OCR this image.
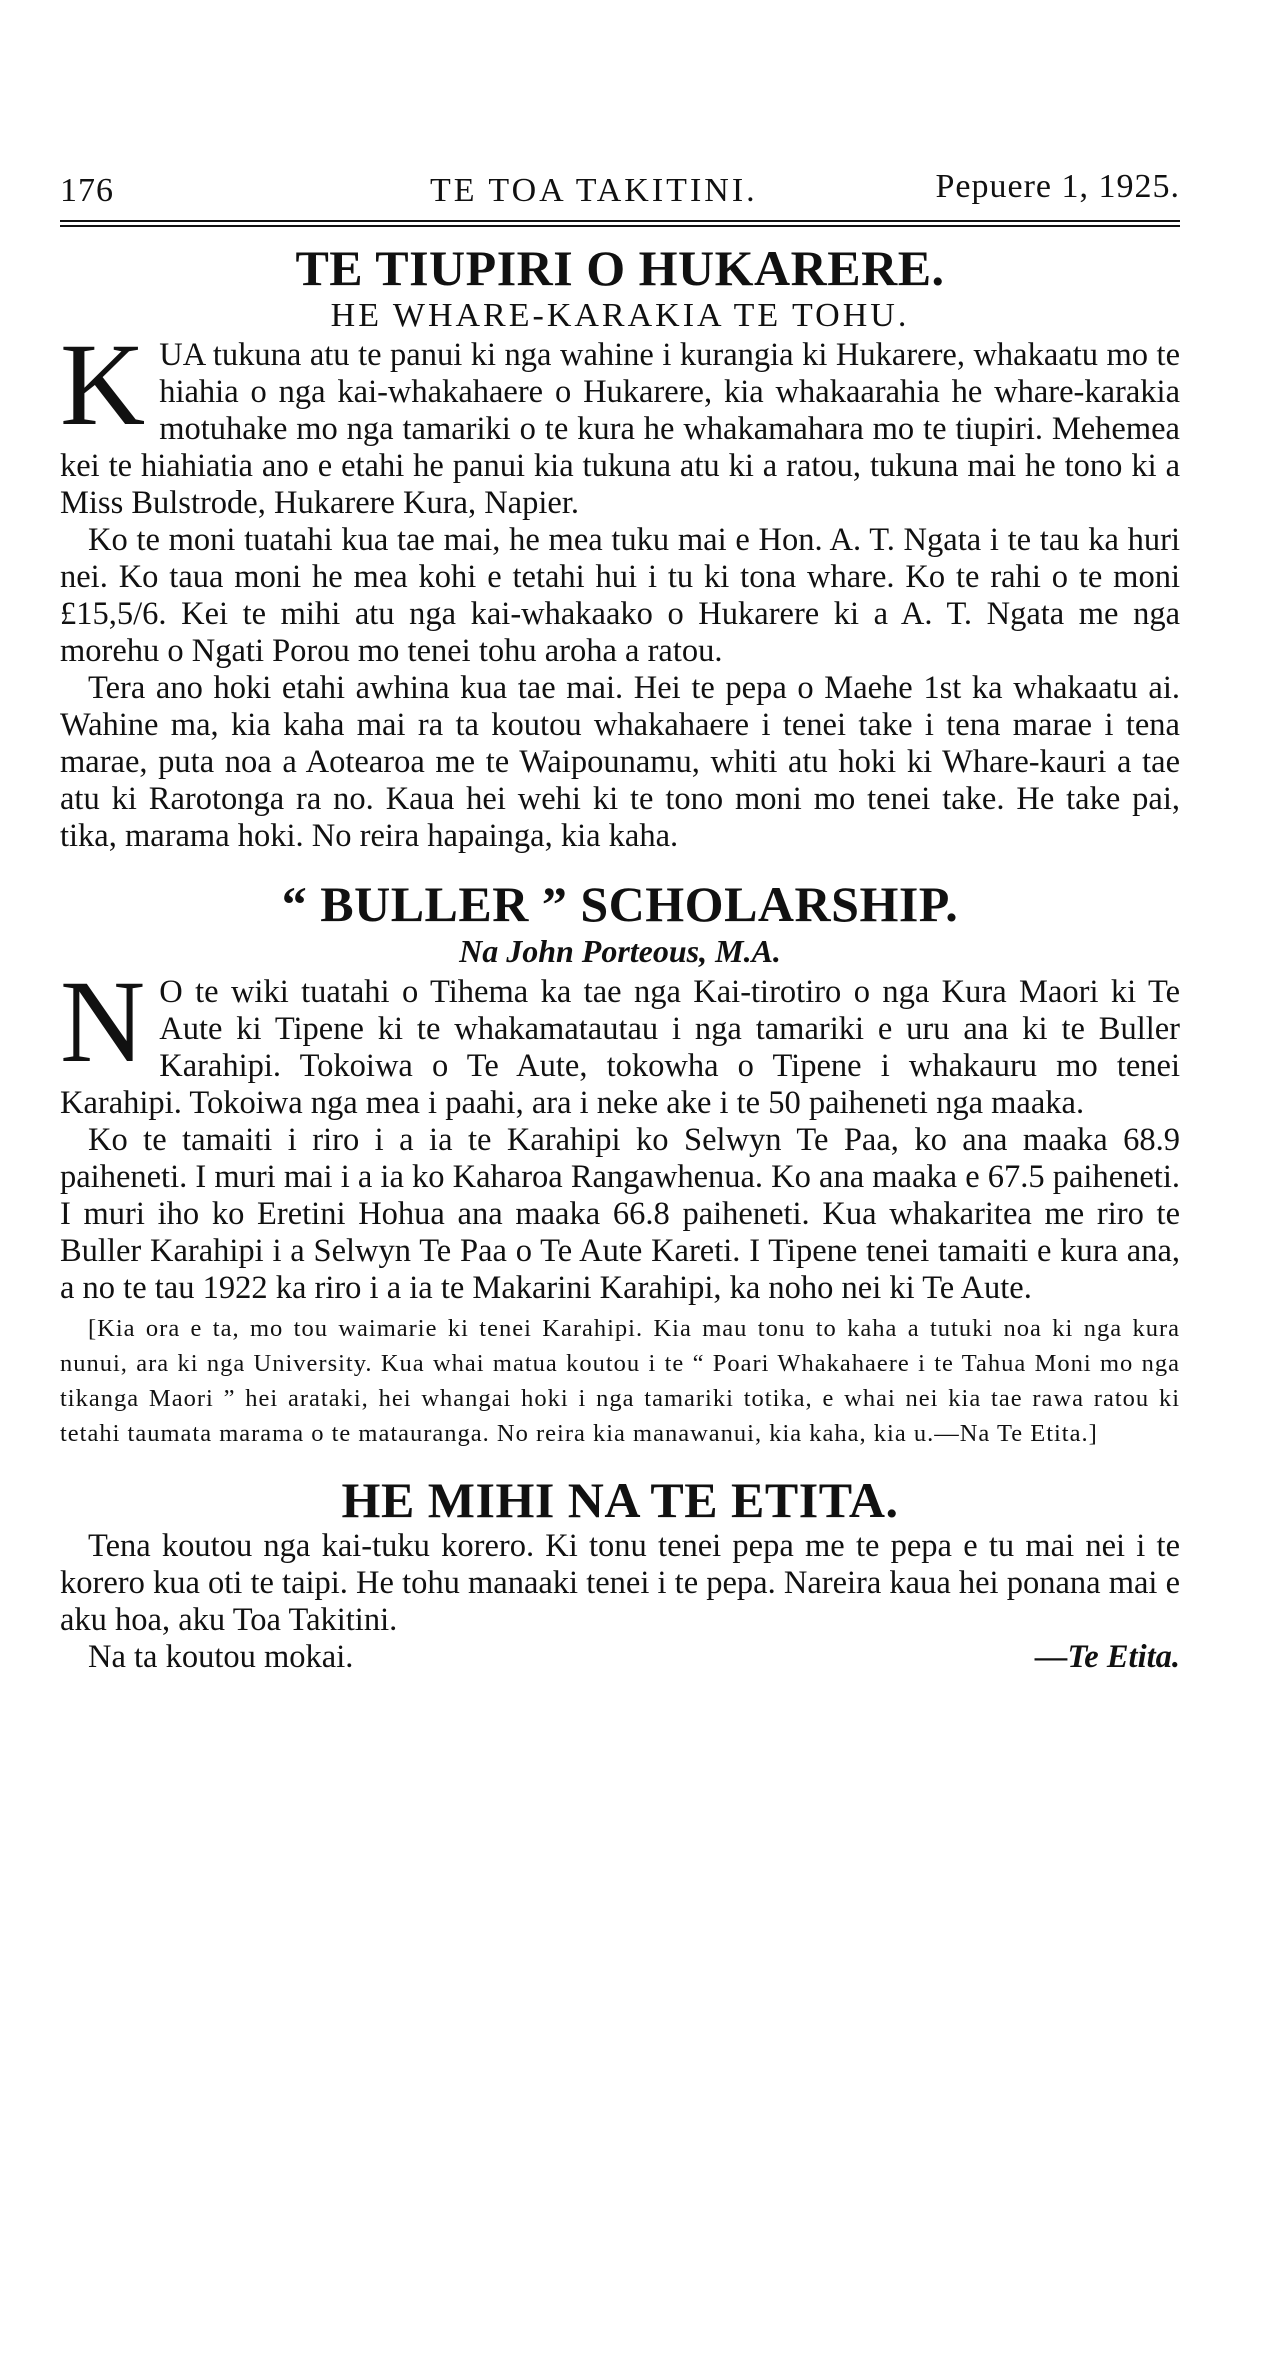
176	TE TOA TAKITINI.	Pepuere 1, 1925.
TE TIUPIRI O HUKARERE.
HE WHARE-KARAKIA TE TOHU.

KUA tukuna atu te panui ki nga wahine i kurangia ki Hukarere, whakaatu mo te hiahia o nga kai-whakahaere o Hukarere, kia whakaarahia he whare-karakia motuhake mo nga tamariki o te kura he whakamahara mo te tiupiri. Mehemea kei te hiahiatia ano e etahi he panui kia tukuna atu ki a ratou, tukuna mai he tono ki a Miss Bulstrode, Hukarere Kura, Napier.

Ko te moni tuatahi kua tae mai, he mea tuku mai e Hon. A. T. Ngata i te tau ka huri nei. Ko taua moni he mea kohi e tetahi hui i tu ki tona whare. Ko te rahi o te moni £15,5/6. Kei te mihi atu nga kai-whakaako o Hukarere ki a A. T. Ngata me nga morehu o Ngati Porou mo tenei tohu aroha a ratou.

Tera ano hoki etahi awhina kua tae mai. Hei te pepa o Maehe 1st ka whakaatu ai. Wahine ma, kia kaha mai ra ta koutou whakahaere i tenei take i tena marae i tena marae, puta noa a Aotearoa me te Waipounamu, whiti atu hoki ki Whare-kauri a tae atu ki Rarotonga ra no. Kaua hei wehi ki te tono moni mo tenei take. He take pai, tika, marama hoki. No reira hapainga, kia kaha.

“ BULLER ” SCHOLARSHIP.
Na John Porteous, M.A.

N O te wiki tuatahi o Tihema ka tae nga Kai-tirotiro o nga Kura Maori ki Te Aute ki Tipene ki te whakamatautau i nga tamariki e uru ana ki te Buller Karahipi. Tokoiwa o Te Aute, tokowha o Tipene i whakauru mo tenei Karahipi. Tokoiwa nga mea i paahi, ara i neke ake i te 50 paiheneti nga maaka.

Ko te tamaiti i riro i a ia te Karahipi ko Selwyn Te Paa, ko ana maaka 68.9 paiheneti. I muri mai i a ia ko Kaharoa Rangawhenua. Ko ana maaka e 67.5 paiheneti. I muri iho ko Eretini Hohua ana maaka 66.8 paiheneti. Kua whakaritea me riro te Buller Karahipi i a Selwyn Te Paa o Te Aute Kareti. I Tipene tenei tamaiti e kura ana, a no te tau 1922 ka riro i a ia te Makarini Karahipi, ka noho nei ki Te Aute.

[Kia ora e ta, mo tou waimarie ki tenei Karahipi. Kia mau tonu to kaha a tutuki noa ki nga kura nunui, ara ki nga University. Kua whai matua koutou i te “ Poari Whakahaere i te Tahua Moni mo nga tikanga Maori ” hei arataki, hei whangai hoki i nga tamariki totika, e whai nei kia tae rawa ratou ki tetahi taumata marama o te matauranga. No reira kia manawanui, kia kaha, kia u.—Na Te Etita.]

HE MIHI NA TE ETITA.

Tena koutou nga kai-tuku korero. Ki tonu tenei pepa me te pepa e tu mai nei i te korero kua oti te taipi. He tohu manaaki tenei i te pepa. Nareira kaua hei ponana mai e aku hoa, aku Toa Takitini.

Na ta koutou mokai.	—Te Etita.
